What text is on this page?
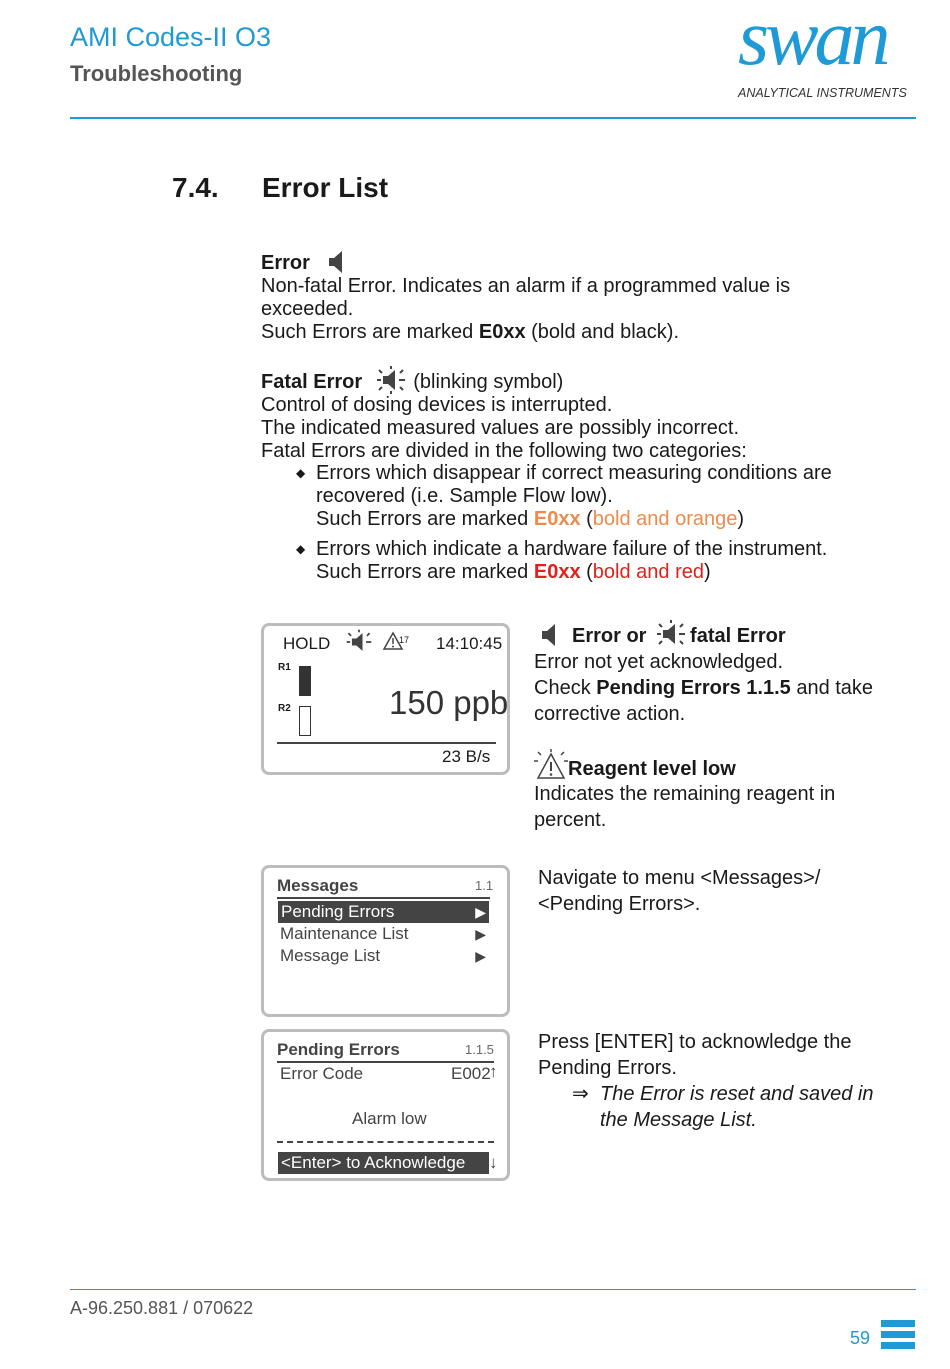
AMI Codes-II O3
Troubleshooting	swan
ANALYTICAL INSTRUMENTS
7.4. Error List
Error
Non-fatal Error. Indicates an alarm if a programmed value is
exceeded.
Such Errors are marked E0xx (bold and black).
Fatal Error  (blinking symbol)
Control of dosing devices is interrupted.
The indicated measured values are possibly incorrect.
Fatal Errors are divided in the following two categories:
◆ Errors which disappear if correct measuring conditions are
recovered (i.e. Sample Flow low).
Such Errors are marked E0xx (bold and orange)
◆ Errors which indicate a hardware failure of the instrument.
Such Errors are marked E0xx (bold and red)
HOLD	17 14:10:45
R1
R2	150 ppb
23 B/s
Error or fatal Error
Error not yet acknowledged.
Check Pending Errors 1.1.5 and take
corrective action.
Reagent level low
Indicates the remaining reagent in
percent.
Messages	1.1
Pending Errors	▶
Maintenance List	▶
Message List	▶
Navigate to menu <Messages>/
<Pending Errors>.
Pending Errors	1.1.5
Error Code	E002
↑
Alarm low
<Enter> to Acknowledge ↓
Press [ENTER] to acknowledge the
Pending Errors.
⇒ The Error is reset and saved in
the Message List.
A-96.250.881 / 070622
59
